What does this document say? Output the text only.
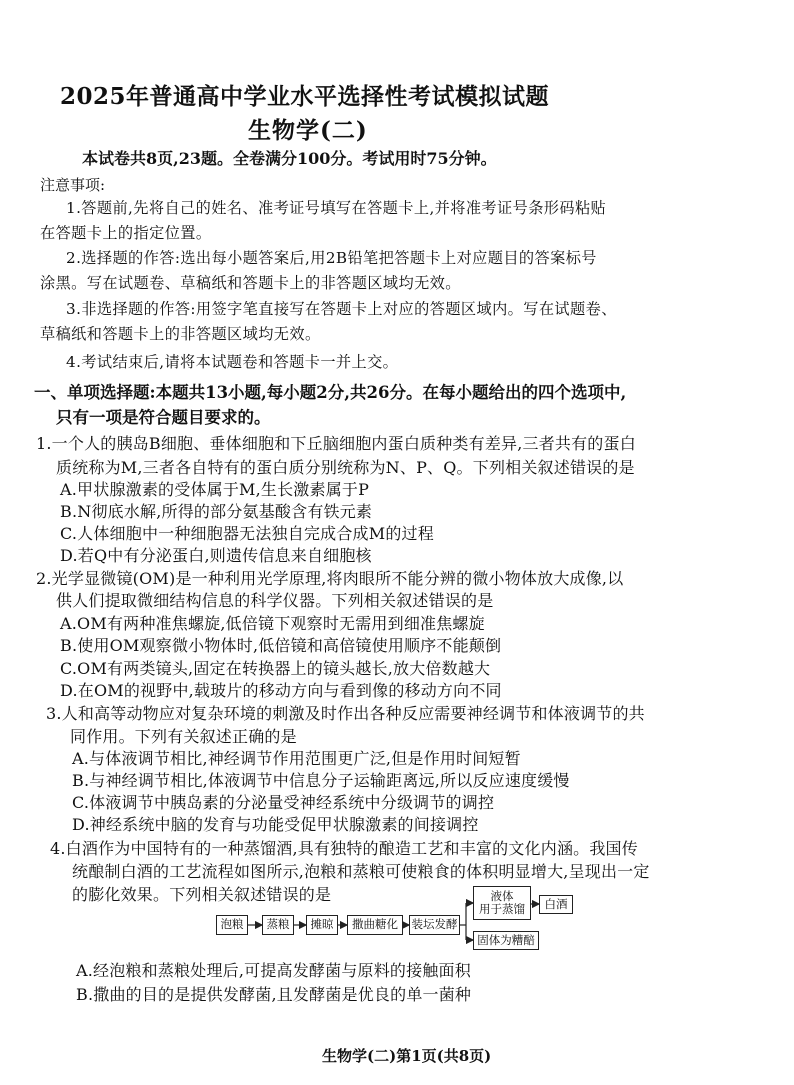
2025年普通高中学业水平选择性考试模拟试题
生物学(二)
本试卷共8页,23题。全卷满分100分。考试用时75分钟。
注意事项:
1.答题前,先将自己的姓名、准考证号填写在答题卡上,并将准考证号条形码粘贴
在答题卡上的指定位置。
2.选择题的作答:选出每小题答案后,用2B铅笔把答题卡上对应题目的答案标号
涂黑。写在试题卷、草稿纸和答题卡上的非答题区域均无效。
3.非选择题的作答:用签字笔直接写在答题卡上对应的答题区域内。写在试题卷、
草稿纸和答题卡上的非答题区域均无效。
4.考试结束后,请将本试题卷和答题卡一并上交。
一、单项选择题:本题共13小题,每小题2分,共26分。在每小题给出的四个选项中,
只有一项是符合题目要求的。
1.一个人的胰岛B细胞、垂体细胞和下丘脑细胞内蛋白质种类有差异,三者共有的蛋白
质统称为M,三者各自特有的蛋白质分别统称为N、P、Q。下列相关叙述错误的是
A.甲状腺激素的受体属于M,生长激素属于P
B.N彻底水解,所得的部分氨基酸含有铁元素
C.人体细胞中一种细胞器无法独自完成合成M的过程
D.若Q中有分泌蛋白,则遗传信息来自细胞核
2.光学显微镜(OM)是一种利用光学原理,将肉眼所不能分辨的微小物体放大成像,以
供人们提取微细结构信息的科学仪器。下列相关叙述错误的是
A.OM有两种准焦螺旋,低倍镜下观察时无需用到细准焦螺旋
B.使用OM观察微小物体时,低倍镜和高倍镜使用顺序不能颠倒
C.OM有两类镜头,固定在转换器上的镜头越长,放大倍数越大
D.在OM的视野中,载玻片的移动方向与看到像的移动方向不同
3.人和高等动物应对复杂环境的刺激及时作出各种反应需要神经调节和体液调节的共
同作用。下列有关叙述正确的是
A.与体液调节相比,神经调节作用范围更广泛,但是作用时间短暂
B.与神经调节相比,体液调节中信息分子运输距离远,所以反应速度缓慢
C.体液调节中胰岛素的分泌量受神经系统中分级调节的调控
D.神经系统中脑的发育与功能受促甲状腺激素的间接调控
4.白酒作为中国特有的一种蒸馏酒,具有独特的酿造工艺和丰富的文化内涵。我国传
统酿制白酒的工艺流程如图所示,泡粮和蒸粮可使粮食的体积明显增大,呈现出一定
的膨化效果。下列相关叙述错误的是
泡粮	蒸粮	摊晾	撒曲糖化	装坛发酵
液体
用于蒸馏	白酒
固体为糟醅
A.经泡粮和蒸粮处理后,可提高发酵菌与原料的接触面积
B.撒曲的目的是提供发酵菌,且发酵菌是优良的单一菌种
生物学(二)第1页(共8页)
